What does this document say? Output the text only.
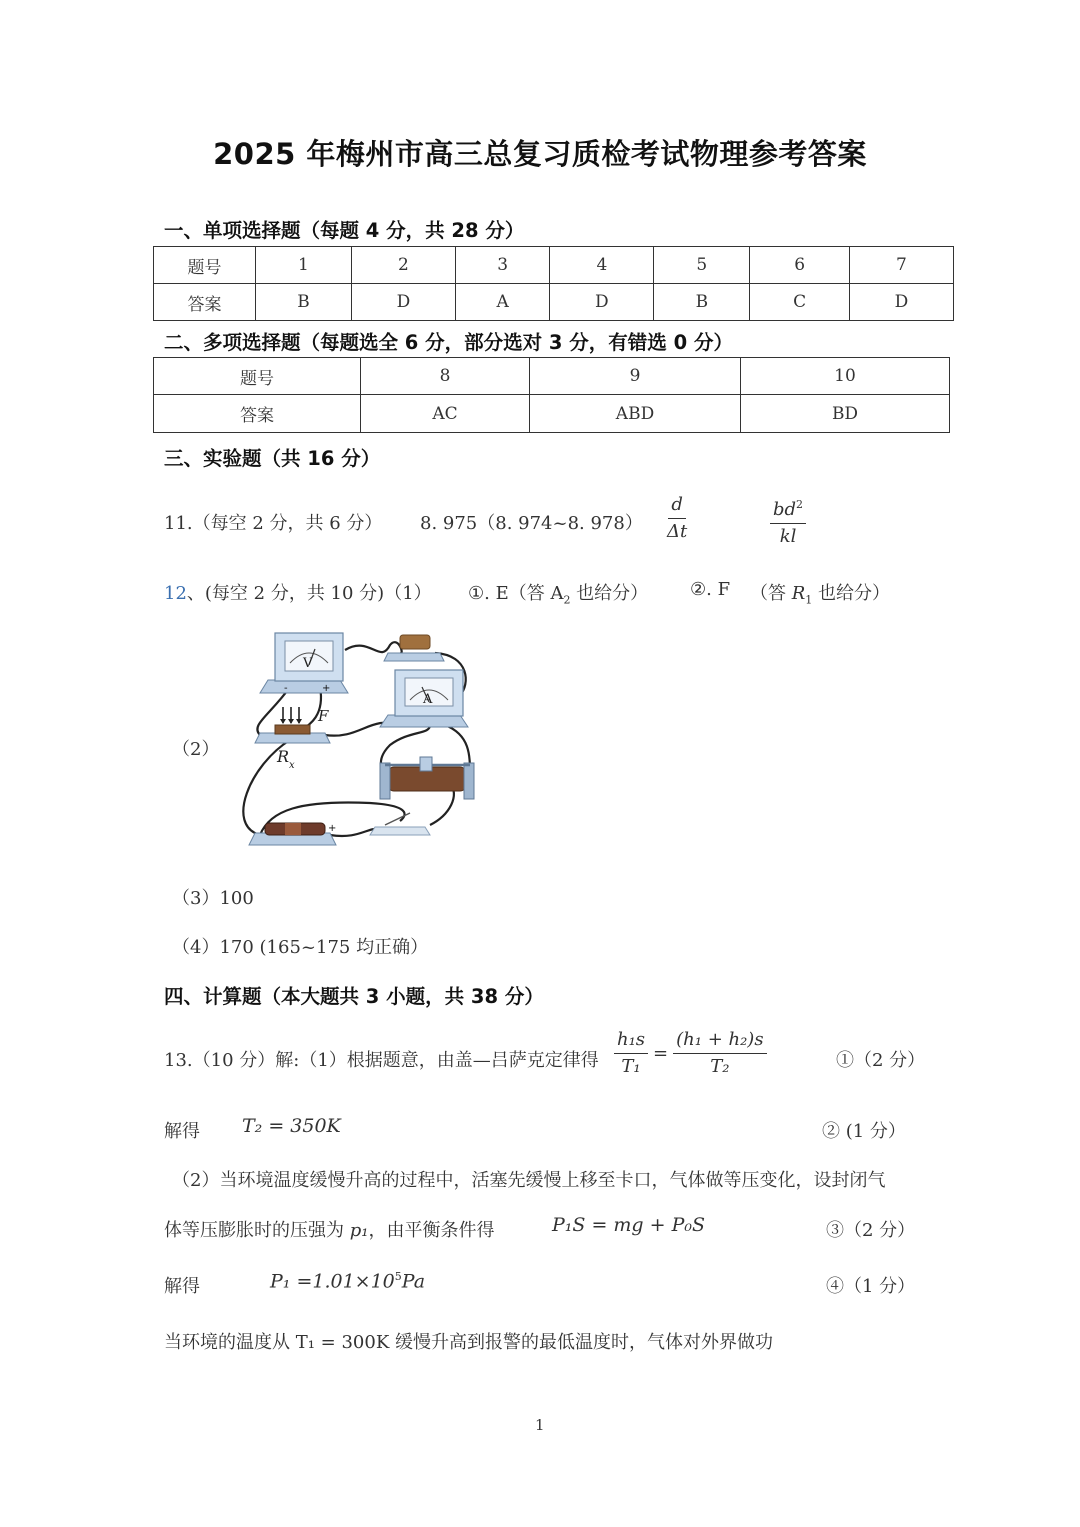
2025 年梅州市高三总复习质检考试物理参考答案
一、单项选择题（每题 4 分，共 28 分）
题号	1	2	3	4	5	6	7
答案	B	D	A	D	B	C	D
二、多项选择题（每题选全 6 分，部分选对 3 分，有错选 0 分）
题号	8	9	10
答案	AC	ABD	BD
三、实验题（共 16 分）
11.（每空 2 分，共 6 分） 8. 975（8. 974~8. $978) \frac{d}{\Delta t}$	$\frac{bd^2}{kl}$
12、(每空 2 分，共 10 分)（1） ①. E（答 $A_2$ 也给分） ②. F （答 $R_1$ 也给分）
（2）
V
-	+
A
F
R x
+
（3）100
（4）170 (165~175 均正确）
四、计算题（本大题共 3 小题，共 38 分）
13.（10 分）解:（1）根据题意，由盖—吕萨克定律得 $\frac{\text{h₁s}}{\text{T₁}} = \frac{\text{(h₁ + h₂)s}}{\text{T₂}}$	①（2 分）
解得 T₂ = 350K	② (1 分）
（2）当环境温度缓慢升高的过程中，活塞先缓慢上移至卡口，气体做等压变化，设封闭气
体等压膨胀时的压强为 p₁，由平衡条件得	P₁S = mg + P₀S	③（2 分）
解得	$P_1 =1.01\times 10^5Pa$	④（1 分）
当环境的温度从 T₁ = 300K 缓慢升高到报警的最低温度时，气体对外界做功
1
